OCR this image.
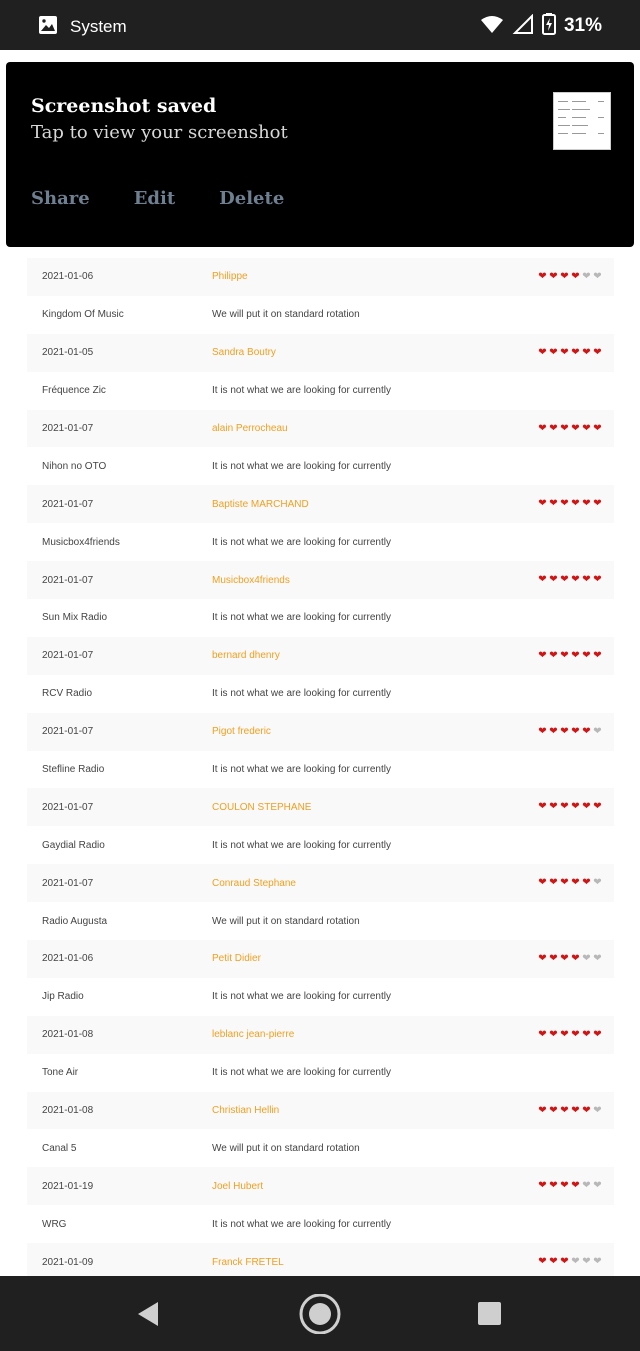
System	31%
2021-01-06	Philippe	❤ ❤ ❤ ❤ ❤ ❤
Kingdom Of Music	We will put it on standard rotation
2021-01-05	Sandra Boutry	❤ ❤ ❤ ❤ ❤ ❤
Fréquence Zic	It is not what we are looking for currently
2021-01-07	alain Perrocheau	❤ ❤ ❤ ❤ ❤ ❤
Nihon no OTO	It is not what we are looking for currently
2021-01-07	Baptiste MARCHAND	❤ ❤ ❤ ❤ ❤ ❤
Musicbox4friends	It is not what we are looking for currently
2021-01-07	Musicbox4friends	❤ ❤ ❤ ❤ ❤ ❤
Sun Mix Radio	It is not what we are looking for currently
2021-01-07	bernard dhenry	❤ ❤ ❤ ❤ ❤ ❤
RCV Radio	It is not what we are looking for currently
2021-01-07	Pigot frederic	❤ ❤ ❤ ❤ ❤ ❤
Stefline Radio	It is not what we are looking for currently
2021-01-07	COULON STEPHANE	❤ ❤ ❤ ❤ ❤ ❤
Gaydial Radio	It is not what we are looking for currently
2021-01-07	Conraud Stephane	❤ ❤ ❤ ❤ ❤ ❤
Radio Augusta	We will put it on standard rotation
2021-01-06	Petit Didier	❤ ❤ ❤ ❤ ❤ ❤
Jip Radio	It is not what we are looking for currently
2021-01-08	leblanc jean-pierre	❤ ❤ ❤ ❤ ❤ ❤
Tone Air	It is not what we are looking for currently
2021-01-08	Christian Hellin	❤ ❤ ❤ ❤ ❤ ❤
Canal 5	We will put it on standard rotation
2021-01-19	Joel Hubert	❤ ❤ ❤ ❤ ❤ ❤
WRG	It is not what we are looking for currently
2021-01-09	Franck FRETEL	❤ ❤ ❤ ❤ ❤ ❤
Screenshot saved
Tap to view your screenshot
Share Edit Delete
